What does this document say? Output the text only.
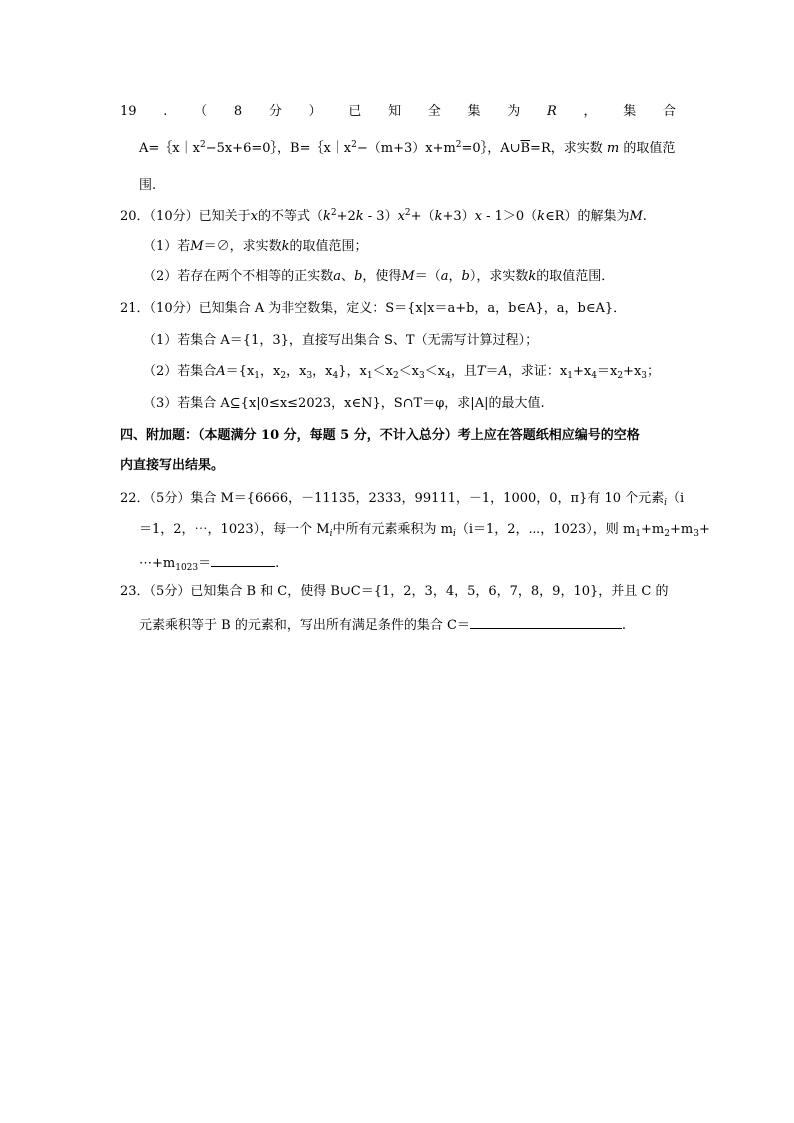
19 . （ 8 分 ） 已 知 全 集 为 R ， 集 合
$A=\{x|x^2-5x+6=0\}$，$B=\{x|x^2-(m+3)x+m^2=0\}$，$A\cup\overline{B}=R$，求实数 m 的取值范
围.
20．（10分）已知关于x的不等式$(k^2+2k - 3)x^2+(k+3)x$ - 1＞0（k∈R）的解集为M.
（1）若M＝∅，求实数k的取值范围；
（2）若存在两个不相等的正实数a、b，使得M＝（a，b），求实数k的取值范围．
21．（10分）已知集合 A 为非空数集，定义：S＝{x|x＝a+b，a，b∈A}，a，b∈A}．
（1）若集合 A＝{1，3}，直接写出集合 S、T（无需写计算过程）；
（2）若集合$A=\{x_1$，$x_2$，$x_3$，$x_4$}，$x_1<x_2<x_3<x_4$，且T＝A，求证：$x_1+x_4=x_2+x_3$；
（3）若集合 A⊆{x|0≤x≤2023，x∈N}，S∩T＝φ，求|A|的最大值.
四、附加题：（本题满分 10 分，每题 5 分，不计入总分）考上应在答题纸相应编号的空格
内直接写出结果。
22．（5分）集合 M＝{6666，－11135，2333，99111，－1，1000，0，π}有 10 个元素$_i$（i
＝1，2，⋯，1023），每一个 $M_i$中所有元素乘积为 $m_i(i=1$，2，⋯，1023），则 $m_1+m_2+m_3+$
$\cdots+m_{1023}=$	.
23．（5分）已知集合 B 和 C，使得 B∪C＝{1，2，3，4，5，6，7，8，9，10}，并且 C 的
元素乘积等于 B 的元素和，写出所有满足条件的集合 C＝	.
